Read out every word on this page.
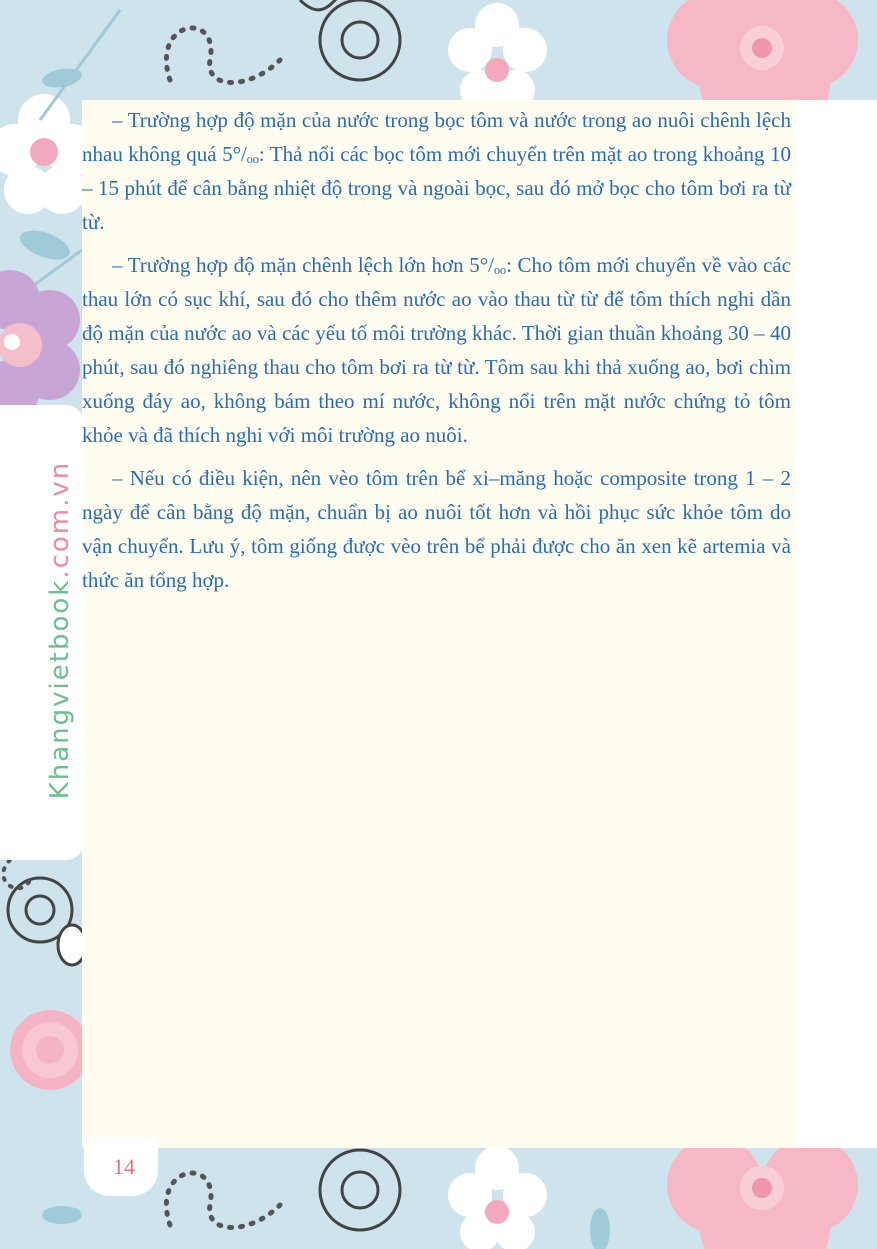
Khangvietbook.com.vn

– Trường hợp độ mặn của nước trong bọc tôm và nước trong ao nuôi chênh lệch nhau không quá 5°/ₒₒ: Thả nổi các bọc tôm mới chuyển trên mặt ao trong khoảng 10 – 15 phút để cân bằng nhiệt độ trong và ngoài bọc, sau đó mở bọc cho tôm bơi ra từ từ.

– Trường hợp độ mặn chênh lệch lớn hơn 5°/ₒₒ: Cho tôm mới chuyển về vào các thau lớn có sục khí, sau đó cho thêm nước ao vào thau từ từ để tôm thích nghi dần độ mặn của nước ao và các yếu tố môi trường khác. Thời gian thuần khoảng 30 – 40 phút, sau đó nghiêng thau cho tôm bơi ra từ từ. Tôm sau khi thả xuống ao, bơi chìm xuống đáy ao, không bám theo mí nước, không nổi trên mặt nước chứng tỏ tôm khỏe và đã thích nghi với môi trường ao nuôi.

– Nếu có điều kiện, nên vèo tôm trên bể xi–măng hoặc composite trong 1 – 2 ngày để cân bằng độ mặn, chuẩn bị ao nuôi tốt hơn và hồi phục sức khỏe tôm do vận chuyển. Lưu ý, tôm giống được vèo trên bể phải được cho ăn xen kẽ artemia và thức ăn tổng hợp.

14
